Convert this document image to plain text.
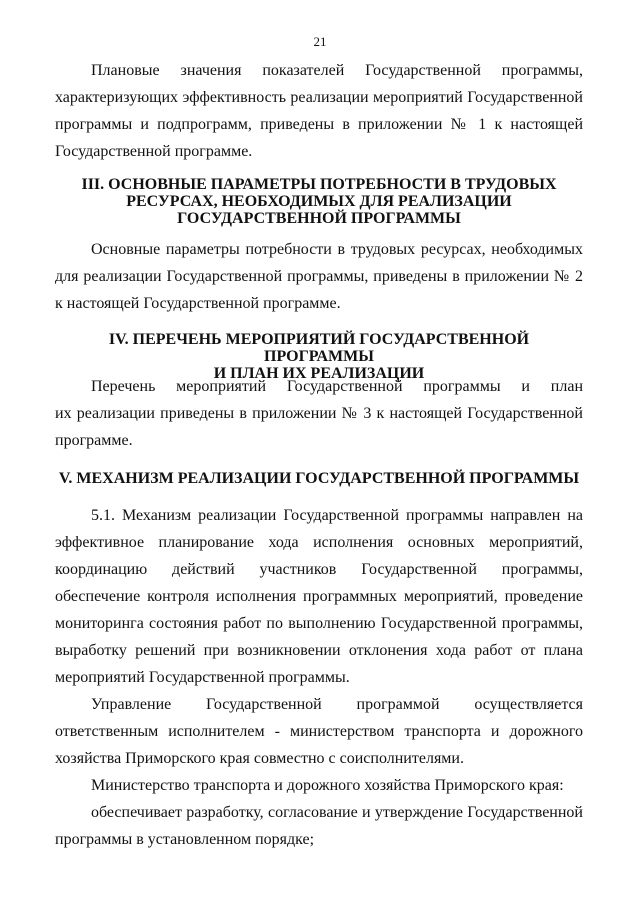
21

Плановые значения показателей Государственной программы,

характеризующих эффективность реализации мероприятий Государственной программы и подпрограмм, приведены в приложении № 1 к настоящей Государственной программе.

III. ОСНОВНЫЕ ПАРАМЕТРЫ ПОТРЕБНОСТИ В ТРУДОВЫХ
РЕСУРСАХ, НЕОБХОДИМЫХ ДЛЯ РЕАЛИЗАЦИИ
ГОСУДАРСТВЕННОЙ ПРОГРАММЫ

Основные параметры потребности в трудовых ресурсах, необходимых для реализации Государственной программы, приведены в приложении № 2 к настоящей Государственной программе.

IV. ПЕРЕЧЕНЬ МЕРОПРИЯТИЙ ГОСУДАРСТВЕННОЙ ПРОГРАММЫ
И ПЛАН ИХ РЕАЛИЗАЦИИ

Перечень мероприятий Государственной программы и план

их реализации приведены в приложении № 3 к настоящей Государственной программе.

V. МЕХАНИЗМ РЕАЛИЗАЦИИ ГОСУДАРСТВЕННОЙ ПРОГРАММЫ

5.1. Механизм реализации Государственной программы направлен на эффективное планирование хода исполнения основных мероприятий, координацию действий участников Государственной программы, обеспечение контроля исполнения программных мероприятий, проведение мониторинга состояния работ по выполнению Государственной программы, выработку решений при возникновении отклонения хода работ от плана мероприятий Государственной программы.

Управление Государственной программой осуществляется

ответственным исполнителем - министерством транспорта и дорожного хозяйства Приморского края совместно с соисполнителями.

Министерство транспорта и дорожного хозяйства Приморского края:

обеспечивает разработку, согласование и утверждение Государственной программы в установленном порядке;
